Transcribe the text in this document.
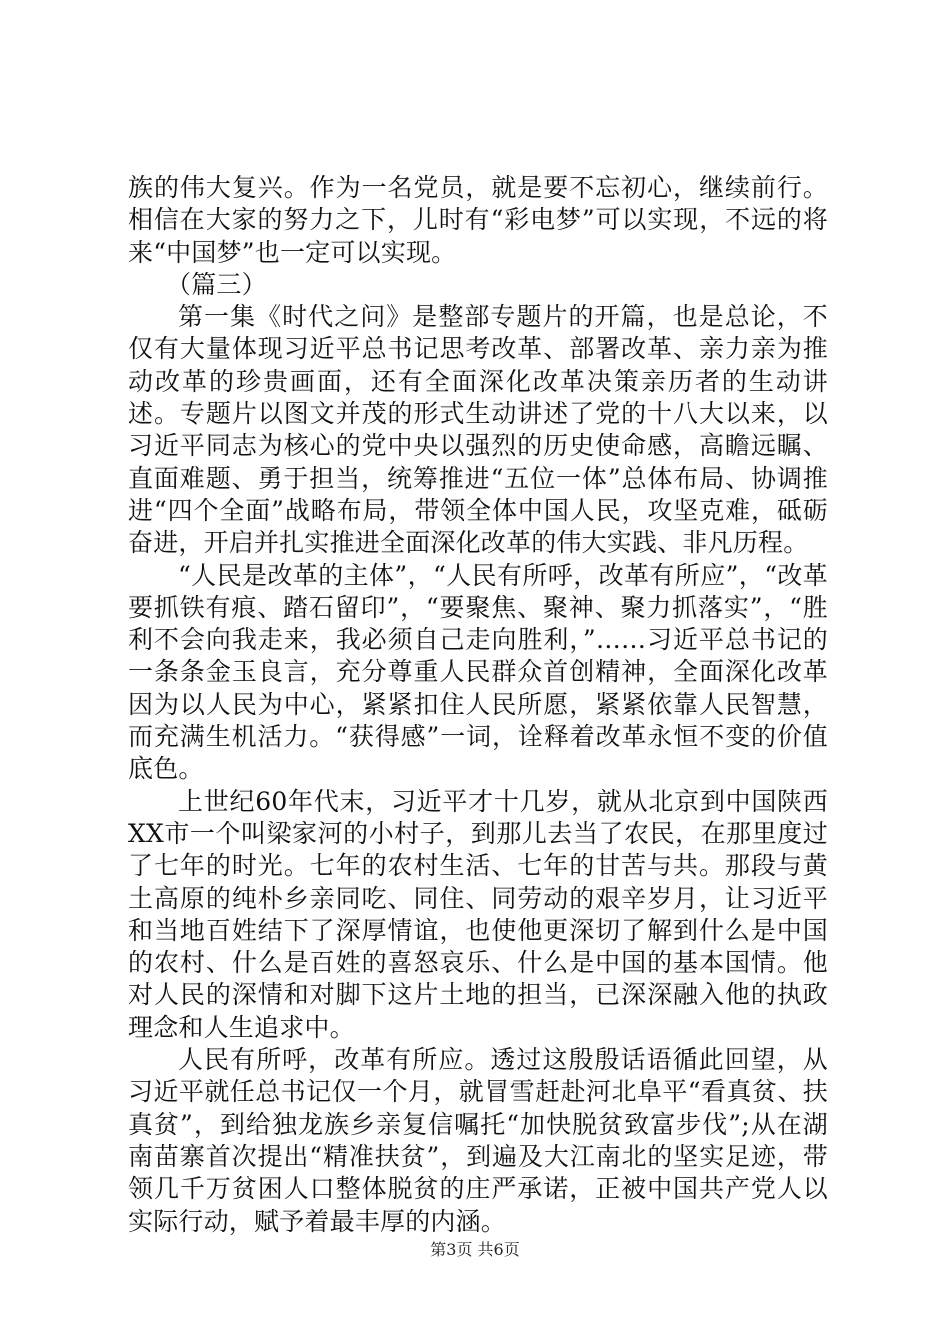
族的伟大复兴。作为一名党员，就是要不忘初心，继续前行。相信在大家的努力之下，儿时有“彩电梦”可以实现，不远的将来“中国梦”也一定可以实现。

（篇三）

第一集《时代之问》是整部专题片的开篇，也是总论，不仅有大量体现习近平总书记思考改革、部署改革、亲力亲为推动改革的珍贵画面，还有全面深化改革决策亲历者的生动讲述。专题片以图文并茂的形式生动讲述了党的十八大以来，以习近平同志为核心的党中央以强烈的历史使命感，高瞻远瞩、直面难题、勇于担当，统筹推进“五位一体”总体布局、协调推进“四个全面”战略布局，带领全体中国人民，攻坚克难，砥砺奋进，开启并扎实推进全面深化改革的伟大实践、非凡历程。

“人民是改革的主体”，“人民有所呼，改革有所应”，“改革要抓铁有痕、踏石留印”，“要聚焦、聚神、聚力抓落实”，“胜利不会向我走来，我必须自己走向胜利，”……习近平总书记的一条条金玉良言，充分尊重人民群众首创精神，全面深化改革因为以人民为中心，紧紧扣住人民所愿，紧紧依靠人民智慧，而充满生机活力。“获得感”一词，诠释着改革永恒不变的价值底色。

上世纪60年代末，习近平才十几岁，就从北京到中国陕西XX市一个叫梁家河的小村子，到那儿去当了农民，在那里度过了七年的时光。七年的农村生活、七年的甘苦与共。那段与黄土高原的纯朴乡亲同吃、同住、同劳动的艰辛岁月，让习近平和当地百姓结下了深厚情谊，也使他更深切了解到什么是中国的农村、什么是百姓的喜怒哀乐、什么是中国的基本国情。他对人民的深情和对脚下这片土地的担当，已深深融入他的执政理念和人生追求中。

人民有所呼，改革有所应。透过这殷殷话语循此回望，从习近平就任总书记仅一个月，就冒雪赶赴河北阜平“看真贫、扶真贫”，到给独龙族乡亲复信嘱托“加快脱贫致富步伐”;从在湖南苗寨首次提出“精准扶贫”，到遍及大江南北的坚实足迹，带领几千万贫困人口整体脱贫的庄严承诺，正被中国共产党人以实际行动，赋予着最丰厚的内涵。

第3页 共6页
